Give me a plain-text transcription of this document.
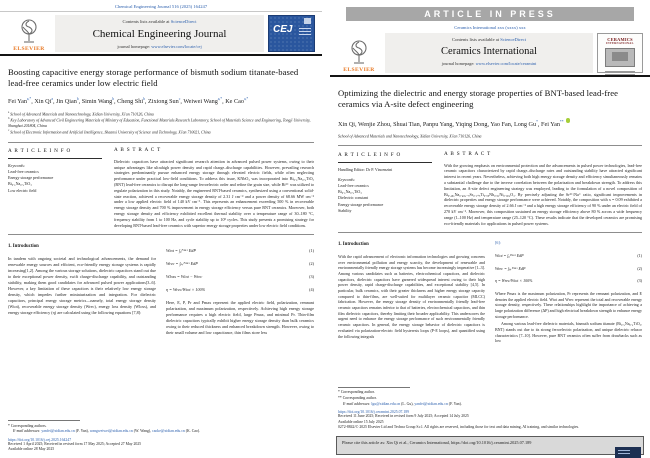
Chemical Engineering Journal 516 (2025) 164247
ELSEVIER
Contents lists available at ScienceDirect
Chemical Engineering Journal
journal homepage: www.elsevier.com/locate/cej
CEJ
Boosting capacitive energy storage performance of bismuth sodium titanate-based lead-free ceramics under low electric field
Fei Yan$^{a,*}$, Xin Qi$^a$, Jin Qian$^b$, Simin Wang$^b$, Cheng Shi$^b$, Zixiong Sun$^c$, Weiwei Wang$^{a,*}$, Ke Cao$^{a,*}$
$^a$ School of Advanced Materials and Nanotechnology, Xidian University, Xi'an 710126, China
$^b$ Key Laboratory of Advanced Civil Engineering Materials of Ministry of Education, Functional Materials Research Laboratory, School of Materials Science and Engineering, Tongji University, Shanghai 201804, China
$^c$ School of Electronic Information and Artificial Intelligence, Shaanxi University of Science and Technology, Xi'an 710021, China
A R T I C L E I N F O
Keywords:
Lead-free ceramics
Energy storage performance
Bi₀.₅Na₀.₅TiO₃
Low electric field
A B S T R A C T
Dielectric capacitors have attracted significant research attention in advanced pulsed power systems, owing to their unique advantages like ultrahigh power density and rapid charge–discharge capabilities. However, prevailing research strategies predominantly pursue enhanced energy storage through elevated electric fields, while often neglecting performance under practical low-field conditions. To address this issue, KNbO₃ was incorporated into Bi₀.₅Na₀.₅TiO₃ (BNT) lead-free ceramics to disrupt the long-range ferroelectric order and refine the grain size, while Bi³⁺ was utilized to regulate polarization in this study. Notably, the engineered BNT-based ceramics, synthesized using a conventional solid-state reaction, achieved a recoverable energy storage density of 2.31 J cm⁻³ and a power density of 68.66 MW cm⁻³ under a low applied electric field of 140 kV cm⁻¹. This represents an enhancement exceeding 500 % in recoverable energy storage density and 700 % improvement in energy storage efficiency versus pure BNT ceramics. Moreover, both energy storage density and efficiency exhibited excellent thermal stability over a temperature range of 30–180 °C, frequency stability from 1 to 100 Hz, and cycle stability up to 10⁵ cycles. This study presents a promising strategy for developing BNT-based lead-free ceramics with superior energy storage properties under low electric field conditions.
1. Introduction
In tandem with ongoing societal and technological advancements, the demand for renewable energy sources and efficient, eco-friendly energy storage systems is rapidly increasing[1,2]. Among the various storage solutions, dielectric capacitors stand out due to their exceptional power density, swift charge-discharge capability, and outstanding stability, making them good candidates for advanced pulsed power applications[3–6]. However, a key limitation of these capacitors is their relatively low energy storage density, which impedes further miniaturization and integration. For dielectric capacitors, principal energy storage metrics—namely, total energy storage density (Wtot), recoverable energy storage density (Wrec), energy loss density (Wloss), and energy storage efficiency (η) are calculated using the following equations [7,8]:
Wtot = ∫₀ᴾᵐᵃˣ EdP	(1)
Wrec = ∫ₚᵣᴾᵐᵃˣ EdP	(2)
Wloss = Wtot − Wrec	(3)
η = Wrec/Wtot × 100%	(4)
Here, E, P, Pr and Pmax represent the applied electric field, polarization, remnant polarization, and maximum polarization, respectively. Achieving high energy storage performance requires a high electric field, large Pmax, and minimal Pr. Thin-film dielectric capacitors typically exhibit higher energy storage density than bulk ceramics owing to their reduced thickness and enhanced breakdown strength. However, owing to their small volume and low capacitance, thin films store less
* Corresponding authors.
E-mail addresses: yanfei@xidian.edu.cn (F. Yan), wangweiwei@xidian.edu.cn (W. Wang), caoke@xidian.edu.cn (K. Cao).
https://doi.org/10.1016/j.cej.2025.164247
Received 1 April 2025; Received in revised form 17 May 2025; Accepted 27 May 2025
Available online 28 May 2025
ARTICLE IN PRESS
Ceramics International xxx (xxxx) xxx
ELSEVIER
Contents lists available at ScienceDirect
Ceramics International
journal homepage: www.elsevier.com/locate/ceramint
CERAMICS
INTERNATIONAL
Optimizing the dielectric and energy storage properties of BNT-based lead-free ceramics via A-site defect engineering
Xin Qi, Wenjie Zhou, Shuai Tian, Panpu Yang, Yiqing Dong, Yao Fan, Long Gu*, Fei Yan**
School of Advanced Materials and Nanotechnology, Xidian University, Xi'an 710126, China
A R T I C L E I N F O
Handling Editor: Dr P. Vincenzini
Keywords:
Lead-free ceramics
Bi₀.₅Na₀.₅TiO₃
Dielectric constant
Energy storage performance
Stability
A B S T R A C T
With the growing emphasis on environmental protection and the advancements in pulsed power technologies, lead-free ceramic capacitors characterized by rapid charge–discharge rates and outstanding stability have attracted significant interest in recent years. Nevertheless, achieving both high energy storage density and efficiency simultaneously remains a substantial challenge due to the inverse correlation between the polarization and breakdown strength. To address this limitation, an A-site defect engineering strategy was employed, leading to the formulation of a novel composition of Bi₀.₄₈₅Na₀.₄₈₅₋ₓSr₀.₁₊ₓTi₀.₉₉Nb₀.₀₁Ni₀.₀₀₅O₃. By precisely adjusting the Sr²⁺/Na⁺ ratio, significant improvements in dielectric properties and energy storage performance were achieved. Notably, the composition with x = 0.09 exhibited a recoverable energy storage density of 2.66 J cm⁻³ and a high energy storage efficiency of 90 % under an electric field of 270 kV cm⁻¹. Moreover, this composition sustained an energy storage efficiency above 80 % across a wide frequency range (1–100 Hz) and temperature range (25–120 °C). These results indicate that the developed ceramics are promising eco-friendly materials for applications in pulsed power systems.
1. Introduction
With the rapid advancement of electronic information technologies and growing concerns over environmental pollution and energy scarcity, the development of renewable and environmentally friendly energy storage systems has become increasingly imperative [1–3]. Among various candidates such as batteries, electrochemical capacitors, and dielectric capacitors, dielectric capacitors have garnered widespread interest owing to their high power density, rapid charge-discharge capabilities, and exceptional stability [4,5]. In particular, bulk ceramics, with their greater thickness and higher energy storage capacity compared to thin-films, are well-suited for multilayer ceramic capacitor (MLCC) fabrication. However, the energy storage density of environmentally friendly lead-free ceramic capacitors remains inferior to that of batteries, electrochemical capacitors, and thin film dielectric capacitors, thereby limiting their broader applicability. This underscores the urgent need to enhance the energy storage performance of such environmentally friendly ceramic capacitors. In general, the energy storage behavior of dielectric capacitors is evaluated via polarization-electric field hysteresis loops (P-E loops), and quantified using the following integrals
[6]:
Wtot = ∫₀ᴾᵐᵃˣ EdP	(1)
Wrec = ∫ₚᵣᴾᵐᵃˣ EdP	(2)
η = Wrec/Wtot × 100%	(3)
Where Pmax is the maximum polarization, Pr represents the remnant polarization, and E denotes the applied electric field. Wtot and Wrec represent the total and recoverable energy storage density, respectively. These relationships highlight the importance of achieving a large polarization difference (ΔP) and high electrical breakdown strength to enhance energy storage performance.
Among various lead-free dielectric materials, bismuth sodium titanate (Bi₀.₅Na₀.₅TiO₃, BNT) stands out due to its strong ferroelectric polarization, and unique dielectric relaxor characteristics [7–10]. However, pure BNT ceramics often suffer from drawbacks such as low
* Corresponding author.
** Corresponding author.
E-mail addresses: lgu@xidian.edu.cn (L. Gu), yanfei@xidian.edu.cn (F. Yan).
https://doi.org/10.1016/j.ceramint.2025.07.189
Received 11 June 2025; Received in revised form 9 July 2025; Accepted 14 July 2025
Available online 15 July 2025
0272-8842/© 2025 Elsevier Ltd and Techna Group S.r.l. All rights are reserved, including those for text and data mining, AI training, and similar technologies.
Please cite this article as: Xin Qi et al., Ceramics International, https://doi.org/10.1016/j.ceramint.2025.07.189
